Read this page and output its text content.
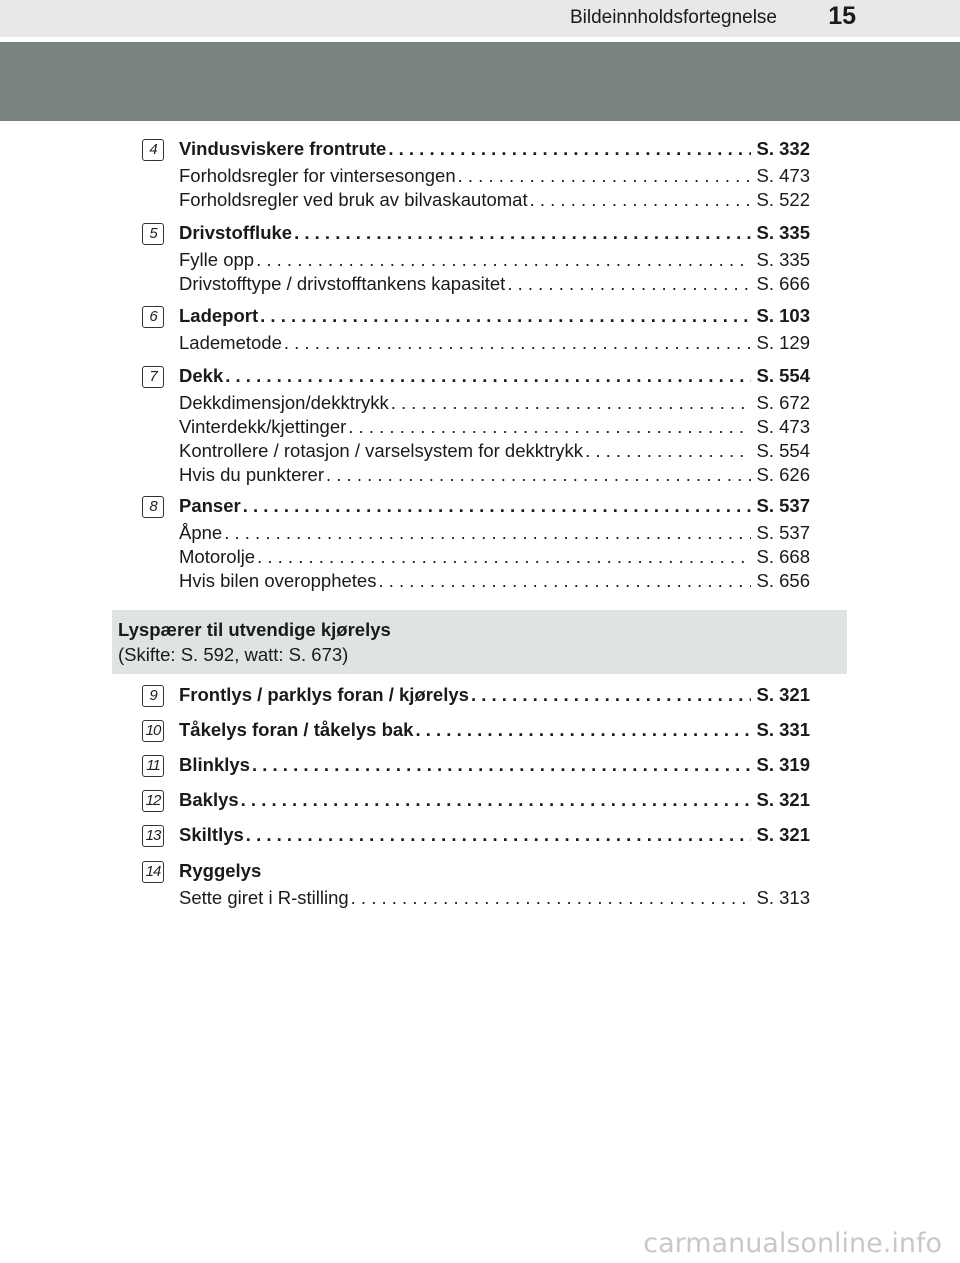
Bildeinnholdsfortegnelse 15
4	Vindusviskere frontrute . . .	S. 332
Forholdsregler for vintersesongen . . .	S. 473
Forholdsregler ved bruk av bilvaskautomat . . .	S. 522
5	Drivstoffluke . . .	S. 335
Fylle opp . . .	S. 335
Drivstofftype / drivstofftankens kapasitet . . .	S. 666
6	Ladeport . . .	S. 103
Lademetode . . .	S. 129
7	Dekk . . .	S. 554
Dekkdimensjon/dekktrykk . . .	S. 672
Vinterdekk/kjettinger . . .	S. 473
Kontrollere / rotasjon / varselsystem for dekktrykk . . .	S. 554
Hvis du punkterer . . .	S. 626
8	Panser . . .	S. 537
Åpne . . .	S. 537
Motorolje . . .	S. 668
Hvis bilen overopphetes . . .	S. 656
9	Frontlys / parklys foran / kjørelys . . .	S. 321
10 Tåkelys foran / tåkelys bak . . .	S. 331
11 Blinklys . . .	S. 319
12 Baklys . . .	S. 321
13 Skiltlys . . .	S. 321
14 Ryggelys
Sette giret i R-stilling . . .	S. 313
Lyspærer til utvendige kjørelys
(Skifte: S. 592, watt: S. 673)
carmanualsonline.info
